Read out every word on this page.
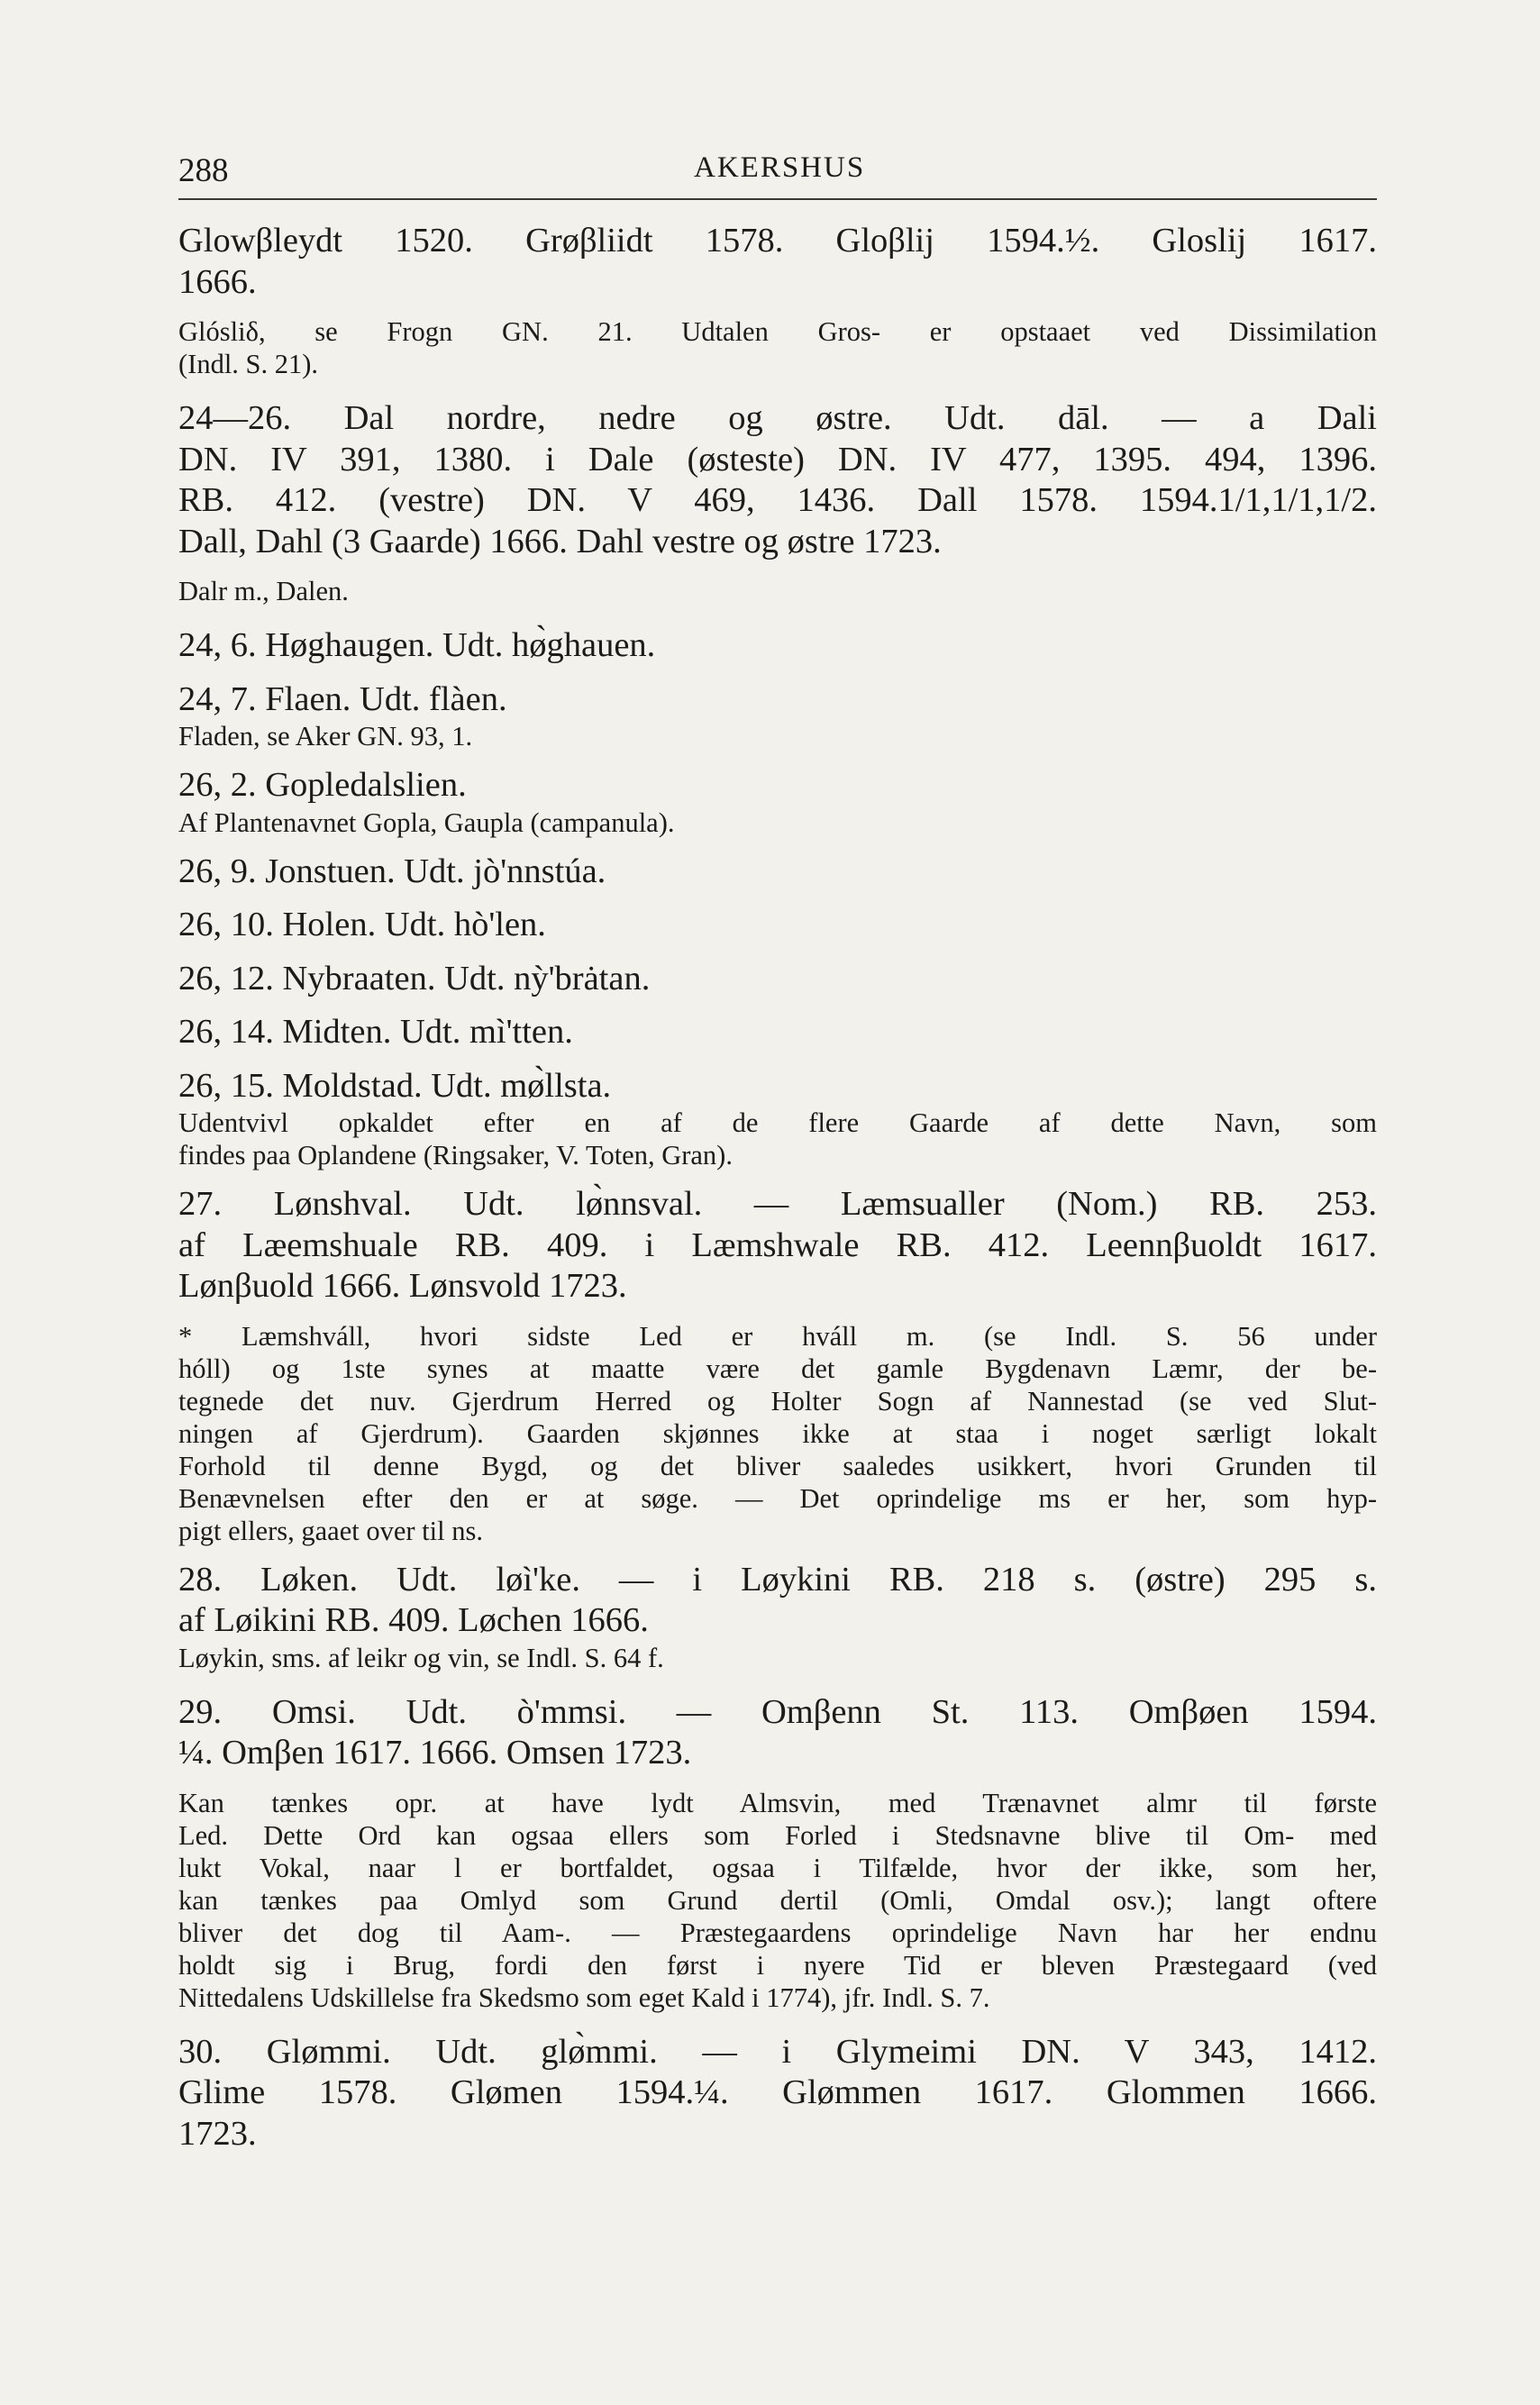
288	AKERSHUS
Glowβleydt 1520. Grøβliidt 1578. Gloβlij 1594.½. Gloslij 1617.
1666.
Glósliδ, se Frogn GN. 21. Udtalen Gros- er opstaaet ved Dissimilation
(Indl. S. 21).
24—26. Dal nordre, nedre og østre. Udt. dāl. — a Dali
DN. IV 391, 1380. i Dale (østeste) DN. IV 477, 1395. 494, 1396.
RB. 412. (vestre) DN. V 469, 1436. Dall 1578. 1594.1/1,1/1,1/2.
Dall, Dahl (3 Gaarde) 1666. Dahl vestre og østre 1723.
Dalr m., Dalen.
24, 6. Høghaugen. Udt. hø̀ghauen.
24, 7. Flaen. Udt. flàen.
Fladen, se Aker GN. 93, 1.
26, 2. Gopledalslien.
Af Plantenavnet Gopla, Gaupla (campanula).
26, 9. Jonstuen. Udt. jò'nnstúa.
26, 10. Holen. Udt. hò'len.
26, 12. Nybraaten. Udt. nỳ'brȧtan.
26, 14. Midten. Udt. mì'tten.
26, 15. Moldstad. Udt. mø̀llsta.
Udentvivl opkaldet efter en af de flere Gaarde af dette Navn, som
findes paa Oplandene (Ringsaker, V. Toten, Gran).
27. Lønshval. Udt. lø̀nnsval. — Læmsualler (Nom.) RB. 253.
af Læemshuale RB. 409. i Læmshwale RB. 412. Leennβuoldt 1617.
Lønβuold 1666. Lønsvold 1723.
* Læmshváll, hvori sidste Led er hváll m. (se Indl. S. 56 under
hóll) og 1ste synes at maatte være det gamle Bygdenavn Læmr, der be-
tegnede det nuv. Gjerdrum Herred og Holter Sogn af Nannestad (se ved Slut-
ningen af Gjerdrum). Gaarden skjønnes ikke at staa i noget særligt lokalt
Forhold til denne Bygd, og det bliver saaledes usikkert, hvori Grunden til
Benævnelsen efter den er at søge. — Det oprindelige ms er her, som hyp-
pigt ellers, gaaet over til ns.
28. Løken. Udt. løì'ke. — i Løykini RB. 218 s. (østre) 295 s.
af Løikini RB. 409. Løchen 1666.
Løykin, sms. af leikr og vin, se Indl. S. 64 f.
29. Omsi. Udt. ò'mmsi. — Omβenn St. 113. Omβøen 1594.
¼. Omβen 1617. 1666. Omsen 1723.
Kan tænkes opr. at have lydt Almsvin, med Trænavnet almr til første
Led. Dette Ord kan ogsaa ellers som Forled i Stedsnavne blive til Om- med
lukt Vokal, naar l er bortfaldet, ogsaa i Tilfælde, hvor der ikke, som her,
kan tænkes paa Omlyd som Grund dertil (Omli, Omdal osv.); langt oftere
bliver det dog til Aam-. — Præstegaardens oprindelige Navn har her endnu
holdt sig i Brug, fordi den først i nyere Tid er bleven Præstegaard (ved
Nittedalens Udskillelse fra Skedsmo som eget Kald i 1774), jfr. Indl. S. 7.
30. Glømmi. Udt. glø̀mmi. — i Glymeimi DN. V 343, 1412.
Glime 1578. Glømen 1594.¼. Glømmen 1617. Glommen 1666.
1723.
